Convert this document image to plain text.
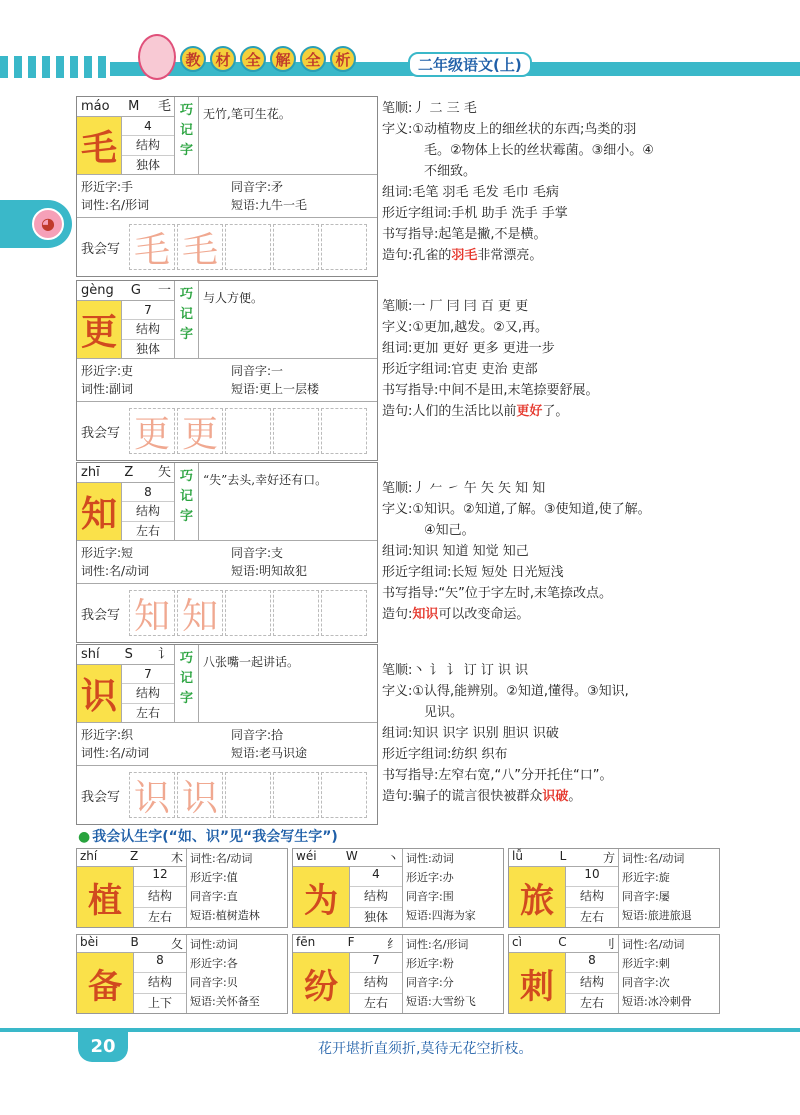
教 材 全 解 全 析	二年级语文(上)
◕
máo M 毛
毛
4
结构
独体
巧记字
无竹,笔可生花。
形近字:手	同音字:矛
词性:名/形词	短语:九牛一毛
我会写 毛 毛
笔顺:丿 二 三 毛
字义:①动植物皮上的细丝状的东西;鸟类的羽
毛。②物体上长的丝状霉菌。③细小。④
不细致。
组词:毛笔 羽毛 毛发 毛巾 毛病
形近字组词:手机 助手 洗手 手掌
书写指导:起笔是撇,不是横。
造句:孔雀的羽毛非常漂亮。
gèng G 一
更
7
结构
独体
巧记字
与人方便。
形近字:吏	同音字:一
词性:副词	短语:更上一层楼
我会写 更 更
笔顺:一 厂 冃 冃 百 更 更
字义:①更加,越发。②又,再。
组词:更加 更好 更多 更进一步
形近字组词:官吏 吏治 吏部
书写指导:中间不是田,末笔捺要舒展。
造句:人们的生活比以前更好了。
zhī Z 矢
知
8
结构
左右
巧记字
“失”去头,幸好还有口。
形近字:短	同音字:支
词性:名/动词	短语:明知故犯
我会写 知 知
笔顺:丿 𠂉 ㇀ 午 矢 矢 知 知
字义:①知识。②知道,了解。③使知道,使了解。
④知己。
组词:知识 知道 知觉 知己
形近字组词:长短 短处 日光短浅
书写指导:“矢”位于字左时,末笔捺改点。
造句:知识可以改变命运。
shí S 讠
识
7
结构
左右
巧记字
八张嘴一起讲话。
形近字:织	同音字:拾
词性:名/动词	短语:老马识途
我会写 识 识
笔顺:丶 讠 讠 订 订 识 识
字义:①认得,能辨别。②知道,懂得。③知识,
见识。
组词:知识 识字 识别 胆识 识破
形近字组词:纺织 织布
书写指导:左窄右宽,“八”分开托住“口”。
造句:骗子的谎言很快被群众识破。
● 我会认生字(“如、识”见“我会写生字”)
zhí	Z	木
植
12
结构
左右
词性:名/动词
形近字:值
同音字:直
短语:植树造林
wéi W 丶
为
4
结构
独体
词性:动词
形近字:办
同音字:围
短语:四海为家
lǚ	L	方
旅
10
结构
左右
词性:名/动词
形近字:旋
同音字:屡
短语:旅进旅退
bèi	B	夂
备
8
结构
上下
词性:动词
形近字:各
同音字:贝
短语:关怀备至
fēn	F	纟
纷
7
结构
左右
词性:名/形词
形近字:粉
同音字:分
短语:大雪纷飞
cì	C	刂
刺
8
结构
左右
词性:名/动词
形近字:刺
同音字:次
短语:冰冷刺骨
20	花开堪折直须折,莫待无花空折枝。
